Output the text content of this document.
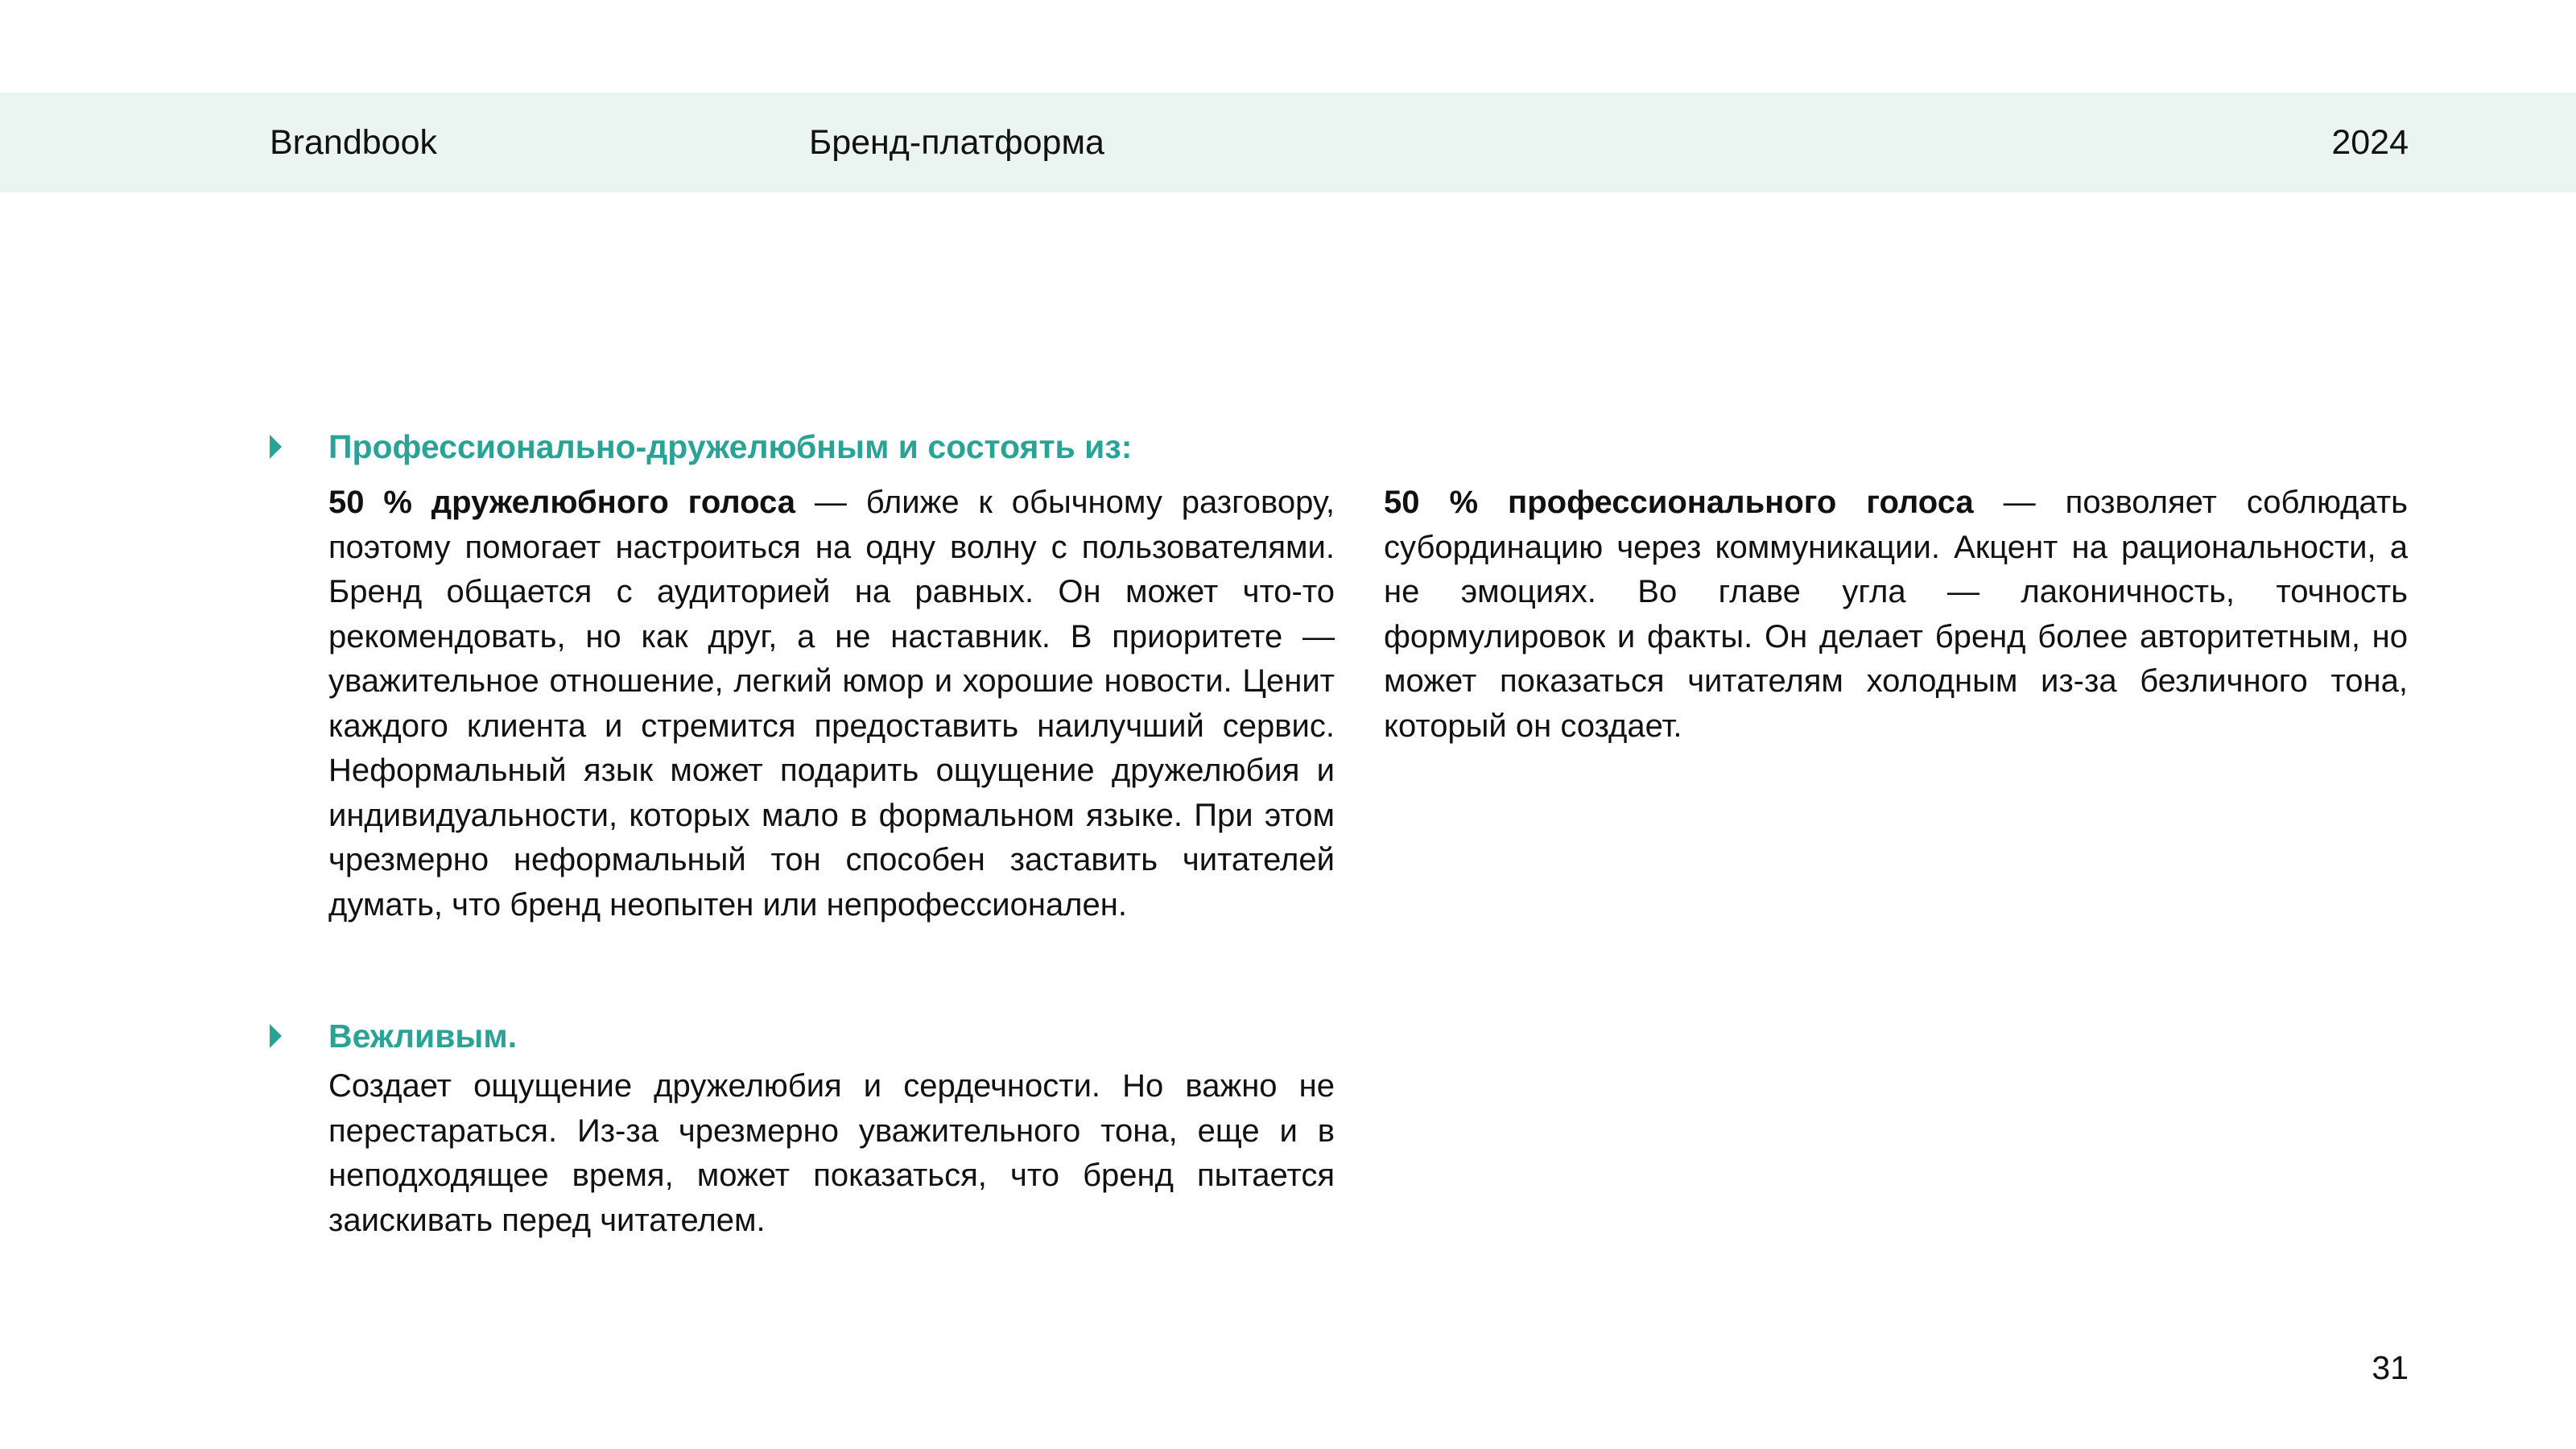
Brandbook	Бренд-платформа	2024
Профессионально-дружелюбным и состоять из:

50 % дружелюбного голоса — ближе к обычному разговору, поэтому помогает настроиться на одну волну с пользователями. Бренд общается с аудиторией на равных. Он может что-то рекомендовать, но как друг, а не наставник. В приоритете — уважительное отношение, легкий юмор и хорошие новости. Ценит каждого клиента и стремится предоставить наилучший сервис. Неформальный язык может подарить ощущение дружелюбия и индивидуальности, которых мало в формальном языке. При этом чрезмерно неформальный тон способен заставить читателей думать, что бренд неопытен или непрофессионален.

50 % профессионального голоса — позволяет соблюдать субординацию через коммуникации. Акцент на рациональности, а не эмоциях. Во главе угла — лаконичность, точность формулировок и факты. Он делает бренд более авторитетным, но может показаться читателям холодным из-за безличного тона, который он создает.

Вежливым.

Создает ощущение дружелюбия и сердечности. Но важно не перестараться. Из-за чрезмерно уважительного тона, еще и в неподходящее время, может показаться, что бренд пытается заискивать перед читателем.

31
